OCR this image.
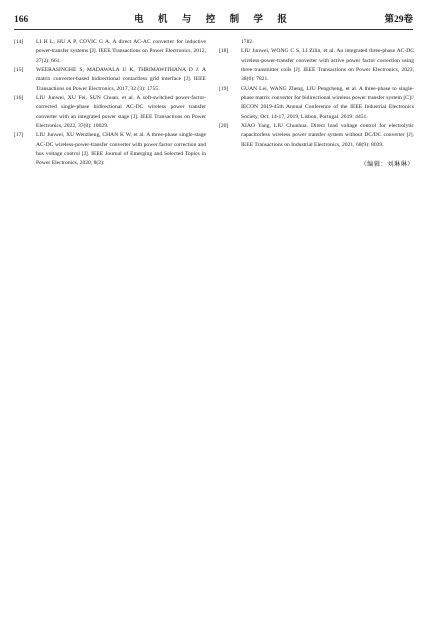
166	电 机 与 控 制 学 报	第29卷
[14]	LI H L, HU A P, COVIC G A. A direct AC-AC converter for inductive power-transfer systems [J]. IEEE Transactions on Power Electronics, 2012, 27(2): 661.
[15]	WEERASINGHE S, MADAWALA U K, THRIMAWITHANA D J. A matrix converter-based bidirectional contactless grid interface [J]. IEEE Transactions on Power Electronics, 2017, 32 (3): 1755.
[16]	LIU Junwei, XU Fei, SUN Chuan. et al. A soft-switched power-factor-corrected single-phase bidirectional AC-DC wireless power transfer converter with an integrated power stage [J]. IEEE Transactions on Power Electronics, 2022, 37(8): 10029.
[17]	LIU Junwei, XU Wenzheng, CHAN K W, et al. A three-phase single-stage AC-DC wireless-power-transfer converter with power factor correction and bus voltage control [J]. IEEE Journal of Emerging and Selected Topics in Power Electronics, 2020, 8(2):

1782.

[18]	LIU Junwei, WONG C S, LI Zilin, et al. An integrated three-phase AC-DC wireless-power-transfer converter with active power factor correction using three transmitter coils [J]. IEEE Transactions on Power Electronics, 2023, 38(6): 7821.
[19]	GUAN Lei, WANG Zheng, LIU Pengcheng, et al. A three-phase to single-phase matrix converter for bidirectional wireless power transfer system [C]// IECON 2019-45th Annual Conference of the IEEE Industrial Electronics Society, Oct. 14-17, 2019, Lisbon, Portugal. 2019: 4451.
[20]	XIAO Yang, LIU Chunhua. Direct load voltage control for electrolytic capacitorless wireless power transfer system without DC/DC converter [J]. IEEE Transactions on Industrial Electronics, 2021, 68(9): 8039.
（编辑：刘琳琳）
